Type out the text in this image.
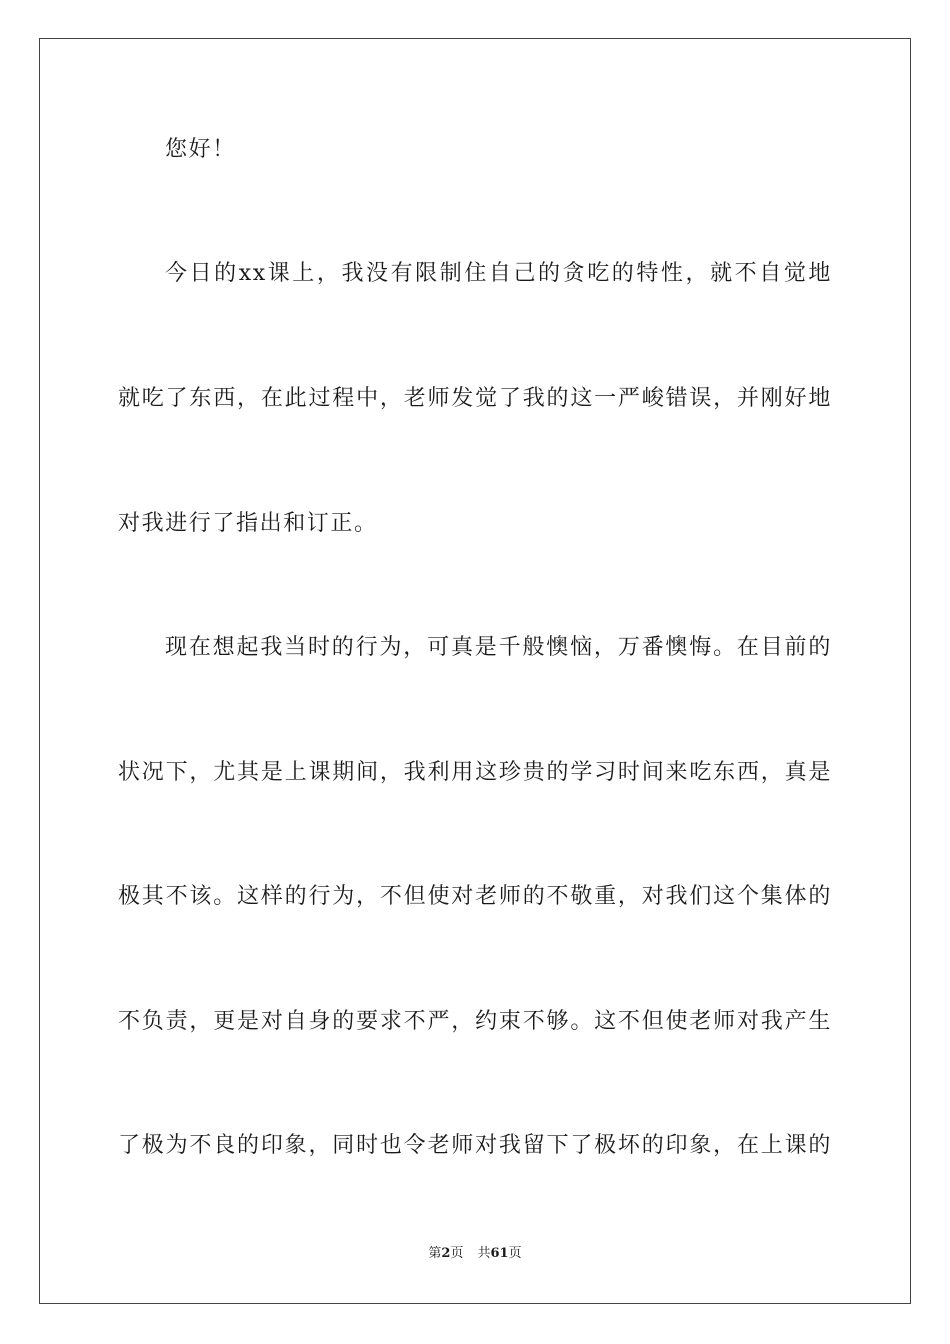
您好！
今日的xx课上，我没有限制住自己的贪吃的特性，就不自觉地
就吃了东西，在此过程中，老师发觉了我的这一严峻错误，并刚好地
对我进行了指出和订正。
现在想起我当时的行为，可真是千般懊恼，万番懊悔。在目前的
状况下，尤其是上课期间，我利用这珍贵的学习时间来吃东西，真是
极其不该。这样的行为，不但使对老师的不敬重，对我们这个集体的
不负责，更是对自身的要求不严，约束不够。这不但使老师对我产生
了极为不良的印象，同时也令老师对我留下了极坏的印象，在上课的
第2页 共61页
